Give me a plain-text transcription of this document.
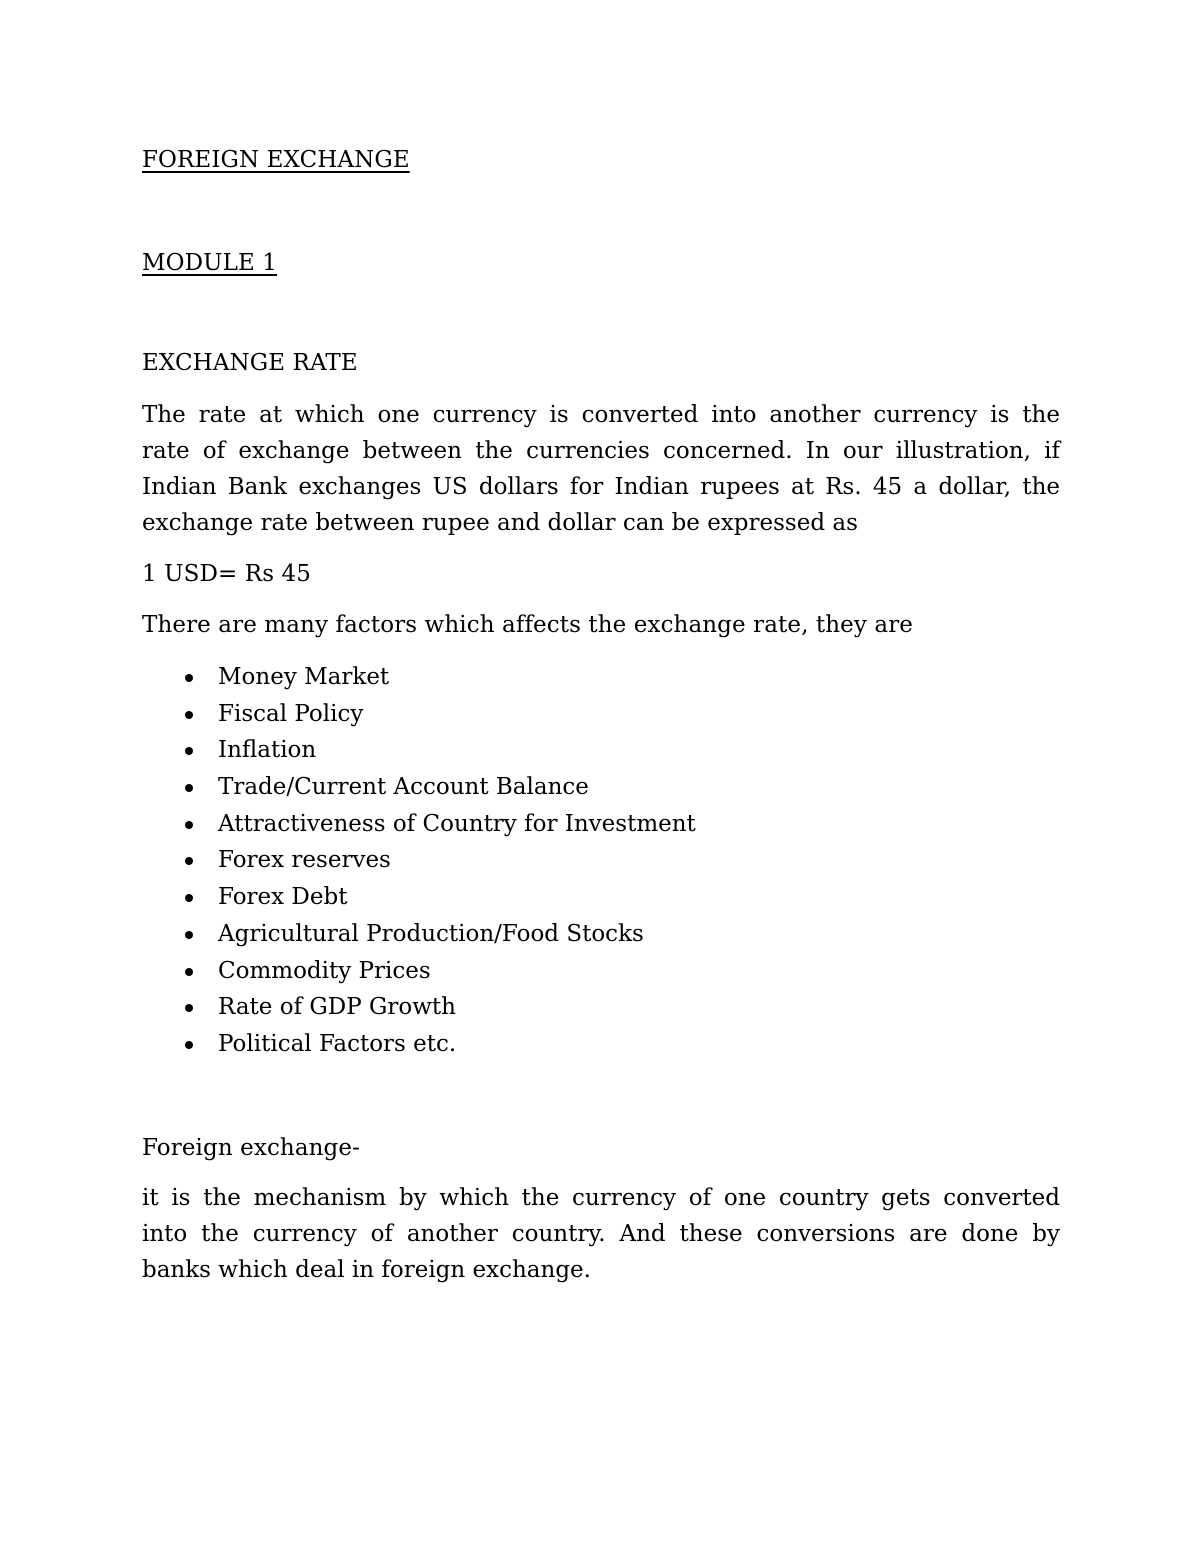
FOREIGN EXCHANGE
MODULE 1
EXCHANGE RATE
The rate at which one currency is converted into another currency is the
rate of exchange between the currencies concerned. In our illustration, if
Indian Bank exchanges US dollars for Indian rupees at Rs. 45 a dollar, the
exchange rate between rupee and dollar can be expressed as
1 USD= Rs 45
There are many factors which affects the exchange rate, they are
Money Market
Fiscal Policy
Inflation
Trade/Current Account Balance
Attractiveness of Country for Investment
Forex reserves
Forex Debt
Agricultural Production/Food Stocks
Commodity Prices
Rate of GDP Growth
Political Factors etc.
Foreign exchange-
it is the mechanism by which the currency of one country gets converted
into the currency of another country. And these conversions are done by
banks which deal in foreign exchange.
